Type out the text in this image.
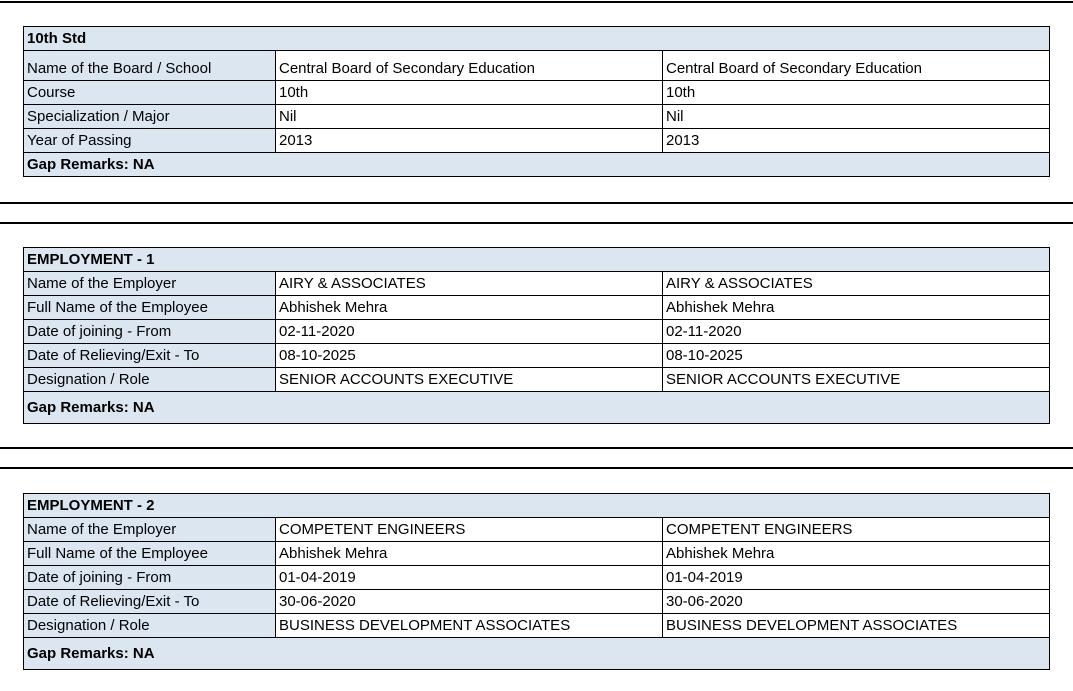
10th Std		
Name of the Board / School	Central Board of Secondary Education	Central Board of Secondary Education
Course	10th	10th
Specialization / Major	Nil	Nil
Year of Passing	2013	2013
Gap Remarks: NA		
EMPLOYMENT - 1		
Name of the Employer	AIRY & ASSOCIATES	AIRY & ASSOCIATES
Full Name of the Employee	Abhishek Mehra	Abhishek Mehra
Date of joining - From	02-11-2020	02-11-2020
Date of Relieving/Exit - To	08-10-2025	08-10-2025
Designation / Role	SENIOR ACCOUNTS EXECUTIVE	SENIOR ACCOUNTS EXECUTIVE
Gap Remarks: NA		
EMPLOYMENT - 2		
Name of the Employer	COMPETENT ENGINEERS	COMPETENT ENGINEERS
Full Name of the Employee	Abhishek Mehra	Abhishek Mehra
Date of joining - From	01-04-2019	01-04-2019
Date of Relieving/Exit - To	30-06-2020	30-06-2020
Designation / Role	BUSINESS DEVELOPMENT ASSOCIATES	BUSINESS DEVELOPMENT ASSOCIATES
Gap Remarks: NA		
